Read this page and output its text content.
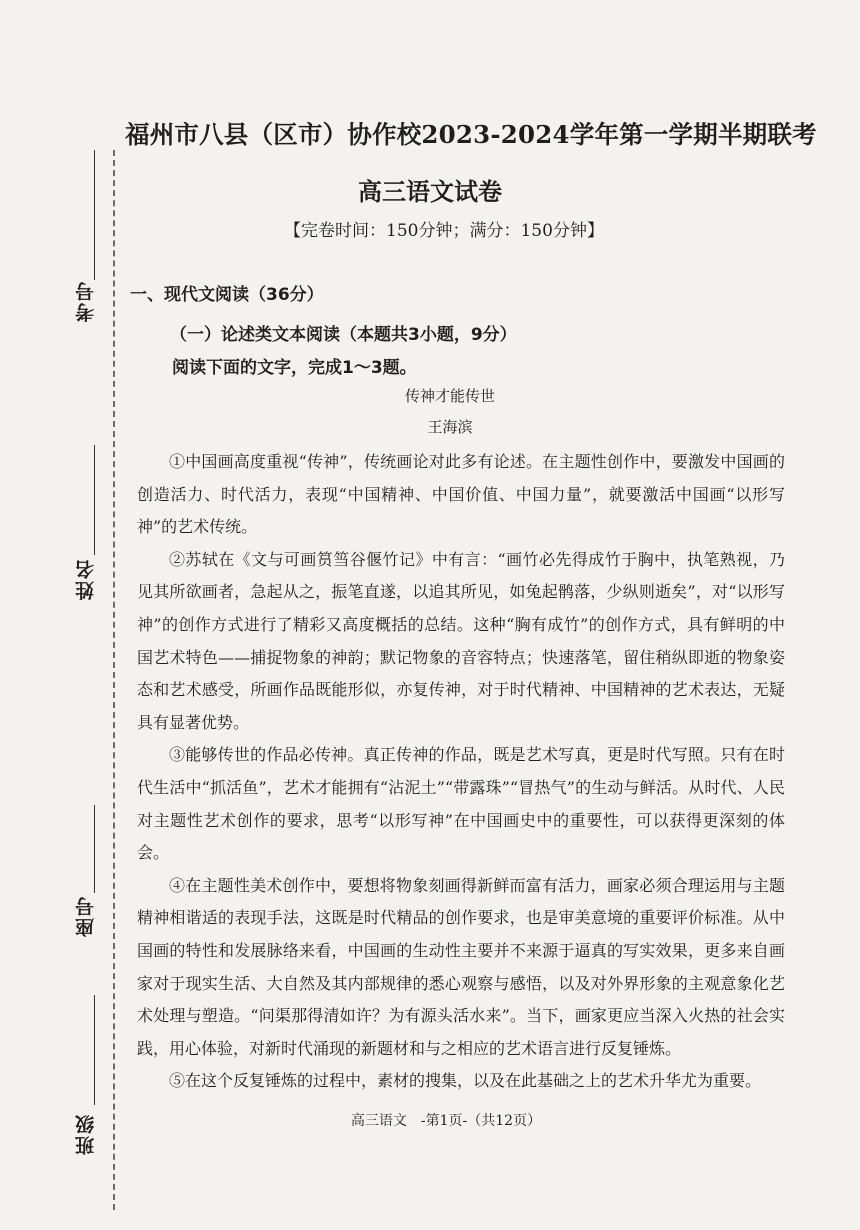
考号
姓名
座号
班级
福州市八县（区市）协作校2023-2024学年第一学期半期联考
高三语文试卷
【完卷时间：150分钟；满分：150分钟】
一、现代文阅读（36分）
（一）论述类文本阅读（本题共3小题，9分）
阅读下面的文字，完成1～3题。
传神才能传世
王海滨

①中国画高度重视“传神”，传统画论对此多有论述。在主题性创作中，要激发中国画的创造活力、时代活力，表现“中国精神、中国价值、中国力量”，就要激活中国画“以形写神”的艺术传统。

②苏轼在《文与可画筼筜谷偃竹记》中有言：“画竹必先得成竹于胸中，执笔熟视，乃见其所欲画者，急起从之，振笔直遂，以追其所见，如兔起鹘落，少纵则逝矣”，对“以形写神”的创作方式进行了精彩又高度概括的总结。这种“胸有成竹”的创作方式，具有鲜明的中国艺术特色——捕捉物象的神韵；默记物象的音容特点；快速落笔，留住稍纵即逝的物象姿态和艺术感受，所画作品既能形似，亦复传神，对于时代精神、中国精神的艺术表达，无疑具有显著优势。

③能够传世的作品必传神。真正传神的作品，既是艺术写真，更是时代写照。只有在时代生活中“抓活鱼”，艺术才能拥有“沾泥土”“带露珠”“冒热气”的生动与鲜活。从时代、人民对主题性艺术创作的要求，思考“以形写神”在中国画史中的重要性，可以获得更深刻的体会。

④在主题性美术创作中，要想将物象刻画得新鲜而富有活力，画家必须合理运用与主题精神相谐适的表现手法，这既是时代精品的创作要求，也是审美意境的重要评价标准。从中国画的特性和发展脉络来看，中国画的生动性主要并不来源于逼真的写实效果，更多来自画家对于现实生活、大自然及其内部规律的悉心观察与感悟，以及对外界形象的主观意象化艺术处理与塑造。“问渠那得清如许？为有源头活水来”。当下，画家更应当深入火热的社会实践，用心体验，对新时代涌现的新题材和与之相应的艺术语言进行反复锤炼。

⑤在这个反复锤炼的过程中，素材的搜集，以及在此基础之上的艺术升华尤为重要。

高三语文　-第1页-（共12页）
